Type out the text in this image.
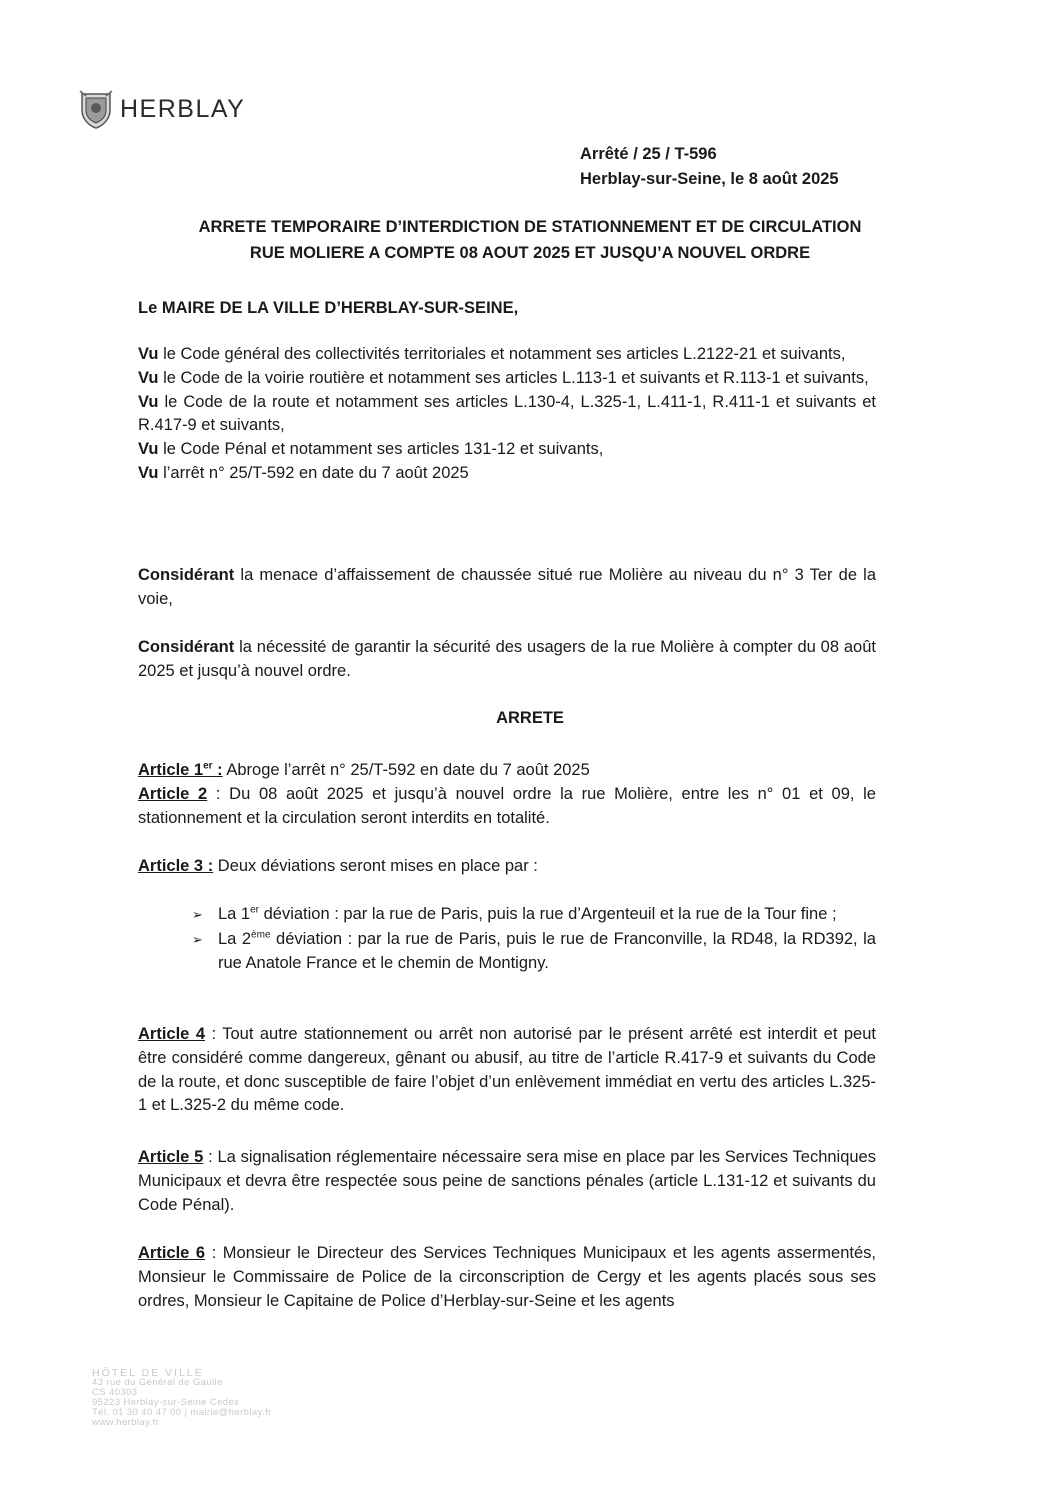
HERBLAY
Arrêté / 25 / T-596
Herblay-sur-Seine, le 8 août 2025
ARRETE TEMPORAIRE D’INTERDICTION DE STATIONNEMENT ET DE CIRCULATION
RUE MOLIERE A COMPTE 08 AOUT 2025 ET JUSQU’A NOUVEL ORDRE
Le MAIRE DE LA VILLE D’HERBLAY-SUR-SEINE,
Vu le Code général des collectivités territoriales et notamment ses articles L.2122-21 et suivants,
Vu le Code de la voirie routière et notamment ses articles L.113-1 et suivants et R.113-1 et suivants,
Vu le Code de la route et notamment ses articles L.130-4, L.325-1, L.411-1, R.411-1 et suivants et R.417-9 et suivants,
Vu le Code Pénal et notamment ses articles 131-12 et suivants,
Vu l’arrêt n° 25/T-592 en date du 7 août 2025
Considérant la menace d’affaissement de chaussée situé rue Molière au niveau du n° 3 Ter de la voie,
Considérant la nécessité de garantir la sécurité des usagers de la rue Molière à compter du 08 août 2025 et jusqu’à nouvel ordre.
ARRETE
Article 1er : Abroge l’arrêt n° 25/T-592 en date du 7 août 2025
Article 2 : Du 08 août 2025 et jusqu’à nouvel ordre la rue Molière, entre les n° 01 et 09, le stationnement et la circulation seront interdits en totalité.
Article 3 : Deux déviations seront mises en place par :
➢ La 1er déviation : par la rue de Paris, puis la rue d’Argenteuil et la rue de la Tour fine ;
➢ La 2ème déviation : par la rue de Paris, puis le rue de Franconville, la RD48, la RD392, la rue Anatole France et le chemin de Montigny.
Article 4 : Tout autre stationnement ou arrêt non autorisé par le présent arrêté est interdit et peut être considéré comme dangereux, gênant ou abusif, au titre de l’article R.417-9 et suivants du Code de la route, et donc susceptible de faire l’objet d’un enlèvement immédiat en vertu des articles L.325-1 et L.325-2 du même code.
Article 5 : La signalisation réglementaire nécessaire sera mise en place par les Services Techniques Municipaux et devra être respectée sous peine de sanctions pénales (article L.131-12 et suivants du Code Pénal).
Article 6 : Monsieur le Directeur des Services Techniques Municipaux et les agents assermentés, Monsieur le Commissaire de Police de la circonscription de Cergy et les agents placés sous ses ordres, Monsieur le Capitaine de Police d’Herblay-sur-Seine et les agents
HÔTEL DE VILLE
43 rue du Général de Gaulle
CS 40303
95223 Herblay-sur-Seine Cedex
Tél. 01 30 40 47 00 | mairie@herblay.fr
www.herblay.fr
